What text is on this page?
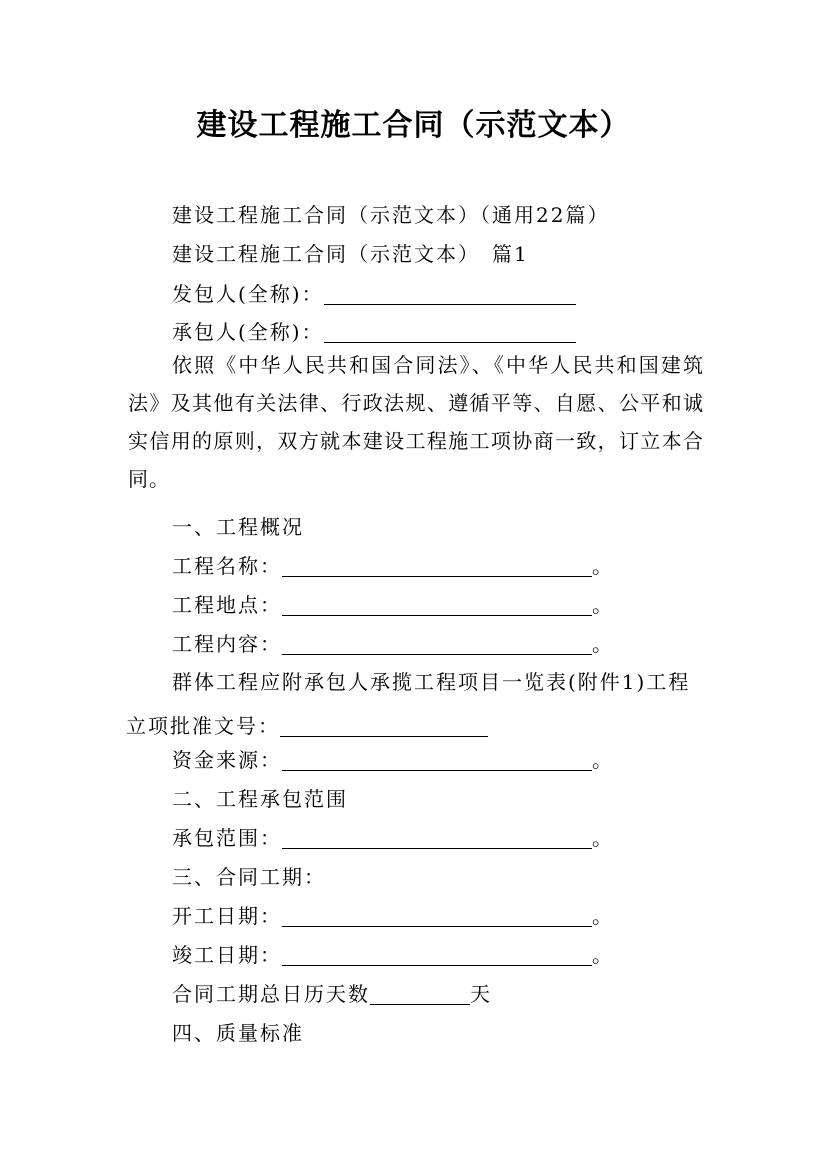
建设工程施工合同（示范文本）
建设工程施工合同（示范文本）（通用22篇）
建设工程施工合同（示范文本）　篇1
发包人(全称)：
承包人(全称)：
依照《中华人民共和国合同法》、《中华人民共和国建筑法》及其他有关法律、行政法规、遵循平等、自愿、公平和诚实信用的原则，双方就本建设工程施工项协商一致，订立本合同。
一、工程概况
工程名称：	。
工程地点：	。
工程内容：	。
群体工程应附承包人承揽工程项目一览表(附件1)工程
立项批准文号：
资金来源：	。
二、工程承包范围
承包范围：	。
三、合同工期：
开工日期：	。
竣工日期：	。
合同工期总日历天数	天
四、质量标准
